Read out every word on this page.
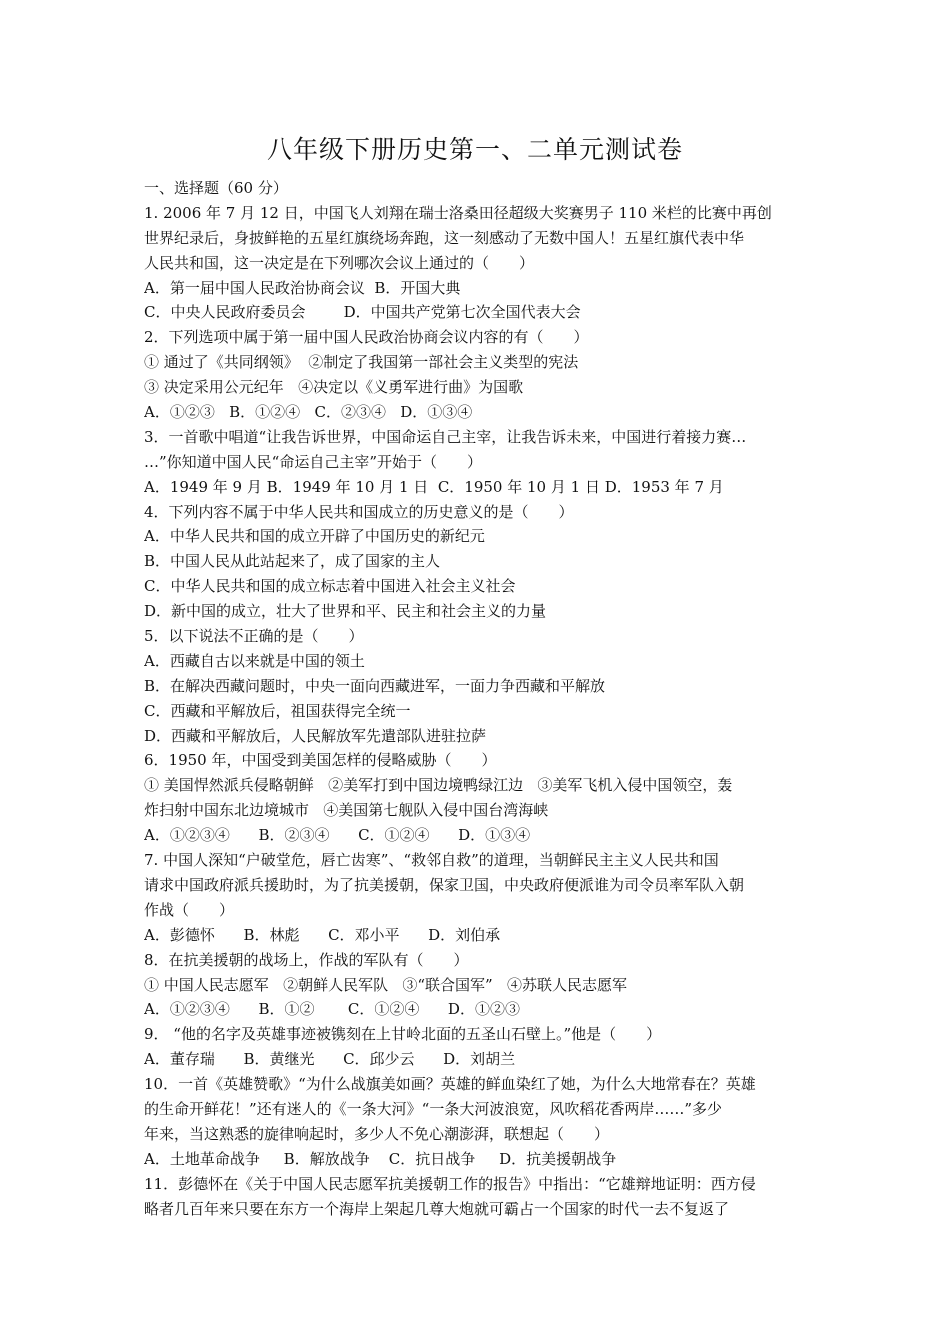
八年级下册历史第一、二单元测试卷
一、选择题（60 分）
1. 2006 年 7 月 12 日，中国飞人刘翔在瑞士洛桑田径超级大奖赛男子 110 米栏的比赛中再创
世界纪录后，身披鲜艳的五星红旗绕场奔跑，这一刻感动了无数中国人！五星红旗代表中华
人民共和国，这一决定是在下列哪次会议上通过的（　　）
A．第一届中国人民政治协商会议  B．开国大典
C．中央人民政府委员会        D．中国共产党第七次全国代表大会
2．下列选项中属于第一届中国人民政治协商会议内容的有（　　）
① 通过了《共同纲领》  ②制定了我国第一部社会主义类型的宪法
③ 决定采用公元纪年   ④决定以《义勇军进行曲》为国歌
A．①②③   B．①②④   C．②③④   D．①③④
3．一首歌中唱道“让我告诉世界，中国命运自己主宰，让我告诉未来，中国进行着接力赛…
…”你知道中国人民“命运自己主宰”开始于（　　）
A．1949 年 9 月 B．1949 年 10 月 1 日  C．1950 年 10 月 1 日 D．1953 年 7 月
4．下列内容不属于中华人民共和国成立的历史意义的是（　　）
A．中华人民共和国的成立开辟了中国历史的新纪元
B．中国人民从此站起来了，成了国家的主人
C．中华人民共和国的成立标志着中国进入社会主义社会
D．新中国的成立，壮大了世界和平、民主和社会主义的力量
5．以下说法不正确的是（　　）
A．西藏自古以来就是中国的领土
B．在解决西藏问题时，中央一面向西藏进军，一面力争西藏和平解放
C．西藏和平解放后，祖国获得完全统一
D．西藏和平解放后，人民解放军先遣部队进驻拉萨
6．1950 年，中国受到美国怎样的侵略威胁（　　）
① 美国悍然派兵侵略朝鲜   ②美军打到中国边境鸭绿江边   ③美军飞机入侵中国领空，轰
炸扫射中国东北边境城市   ④美国第七舰队入侵中国台湾海峡
A．①②③④      B．②③④      C．①②④      D．①③④
7. 中国人深知“户破堂危，唇亡齿寒”、“救邻自救”的道理，当朝鲜民主主义人民共和国
请求中国政府派兵援助时，为了抗美援朝，保家卫国，中央政府便派谁为司令员率军队入朝
作战（　　）
A．彭德怀      B．林彪      C．邓小平      D．刘伯承
8．在抗美援朝的战场上，作战的军队有（　　）
① 中国人民志愿军   ②朝鲜人民军队   ③“联合国军”   ④苏联人民志愿军
A．①②③④      B．①②       C．①②④      D．①②③
9． “他的名字及英雄事迹被镌刻在上甘岭北面的五圣山石壁上。”他是（　　）
A．董存瑞      B．黄继光      C．邱少云      D．刘胡兰
10．一首《英雄赞歌》“为什么战旗美如画？英雄的鲜血染红了她，为什么大地常春在？英雄
的生命开鲜花！”还有迷人的《一条大河》“一条大河波浪宽，风吹稻花香两岸……”多少
年来，当这熟悉的旋律响起时，多少人不免心潮澎湃，联想起（　　）
A．土地革命战争     B．解放战争    C．抗日战争     D．抗美援朝战争
11．彭德怀在《关于中国人民志愿军抗美援朝工作的报告》中指出：“它雄辩地证明：西方侵
略者几百年来只要在东方一个海岸上架起几尊大炮就可霸占一个国家的时代一去不复返了
